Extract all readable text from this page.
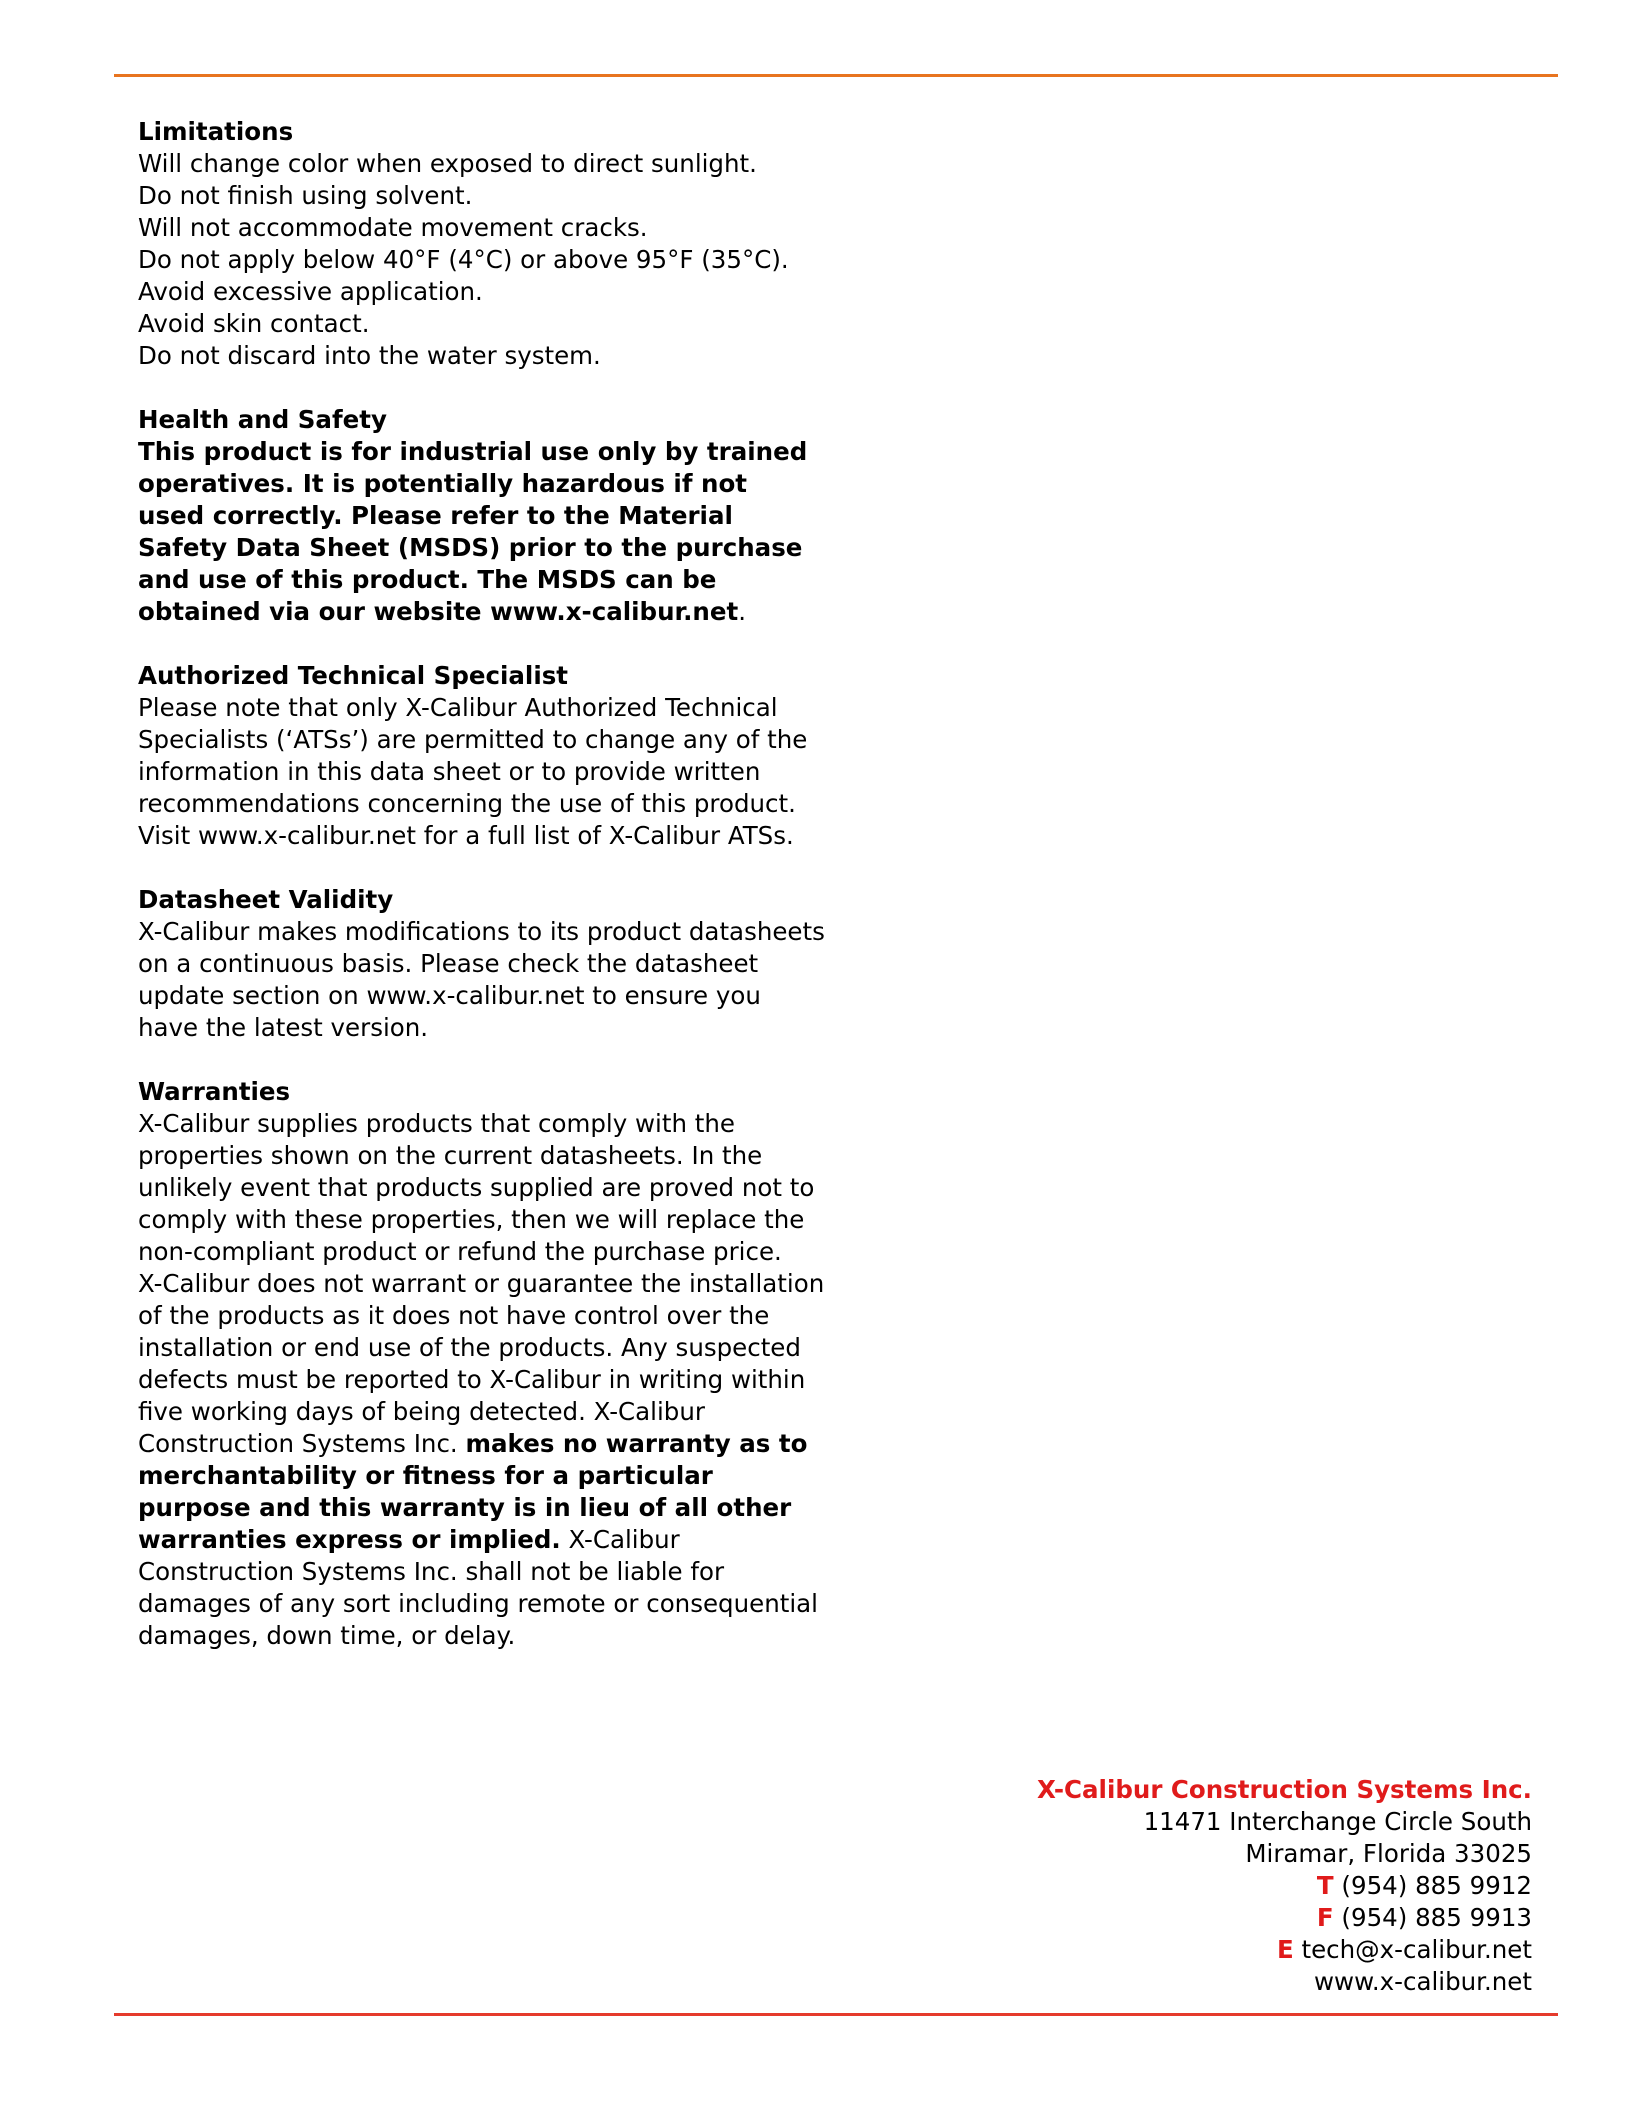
Limitations
Will change color when exposed to direct sunlight.
Do not finish using solvent.
Will not accommodate movement cracks.
Do not apply below 40°F (4°C) or above 95°F (35°C).
Avoid excessive application.
Avoid skin contact.
Do not discard into the water system.
Health and Safety
This product is for industrial use only by trained
operatives. It is potentially hazardous if not
used correctly. Please refer to the Material
Safety Data Sheet (MSDS) prior to the purchase
and use of this product. The MSDS can be
obtained via our website www.x-calibur.net.
Authorized Technical Specialist
Please note that only X-Calibur Authorized Technical
Specialists (‘ATSs’) are permitted to change any of the
information in this data sheet or to provide written
recommendations concerning the use of this product.
Visit www.x-calibur.net for a full list of X-Calibur ATSs.
Datasheet Validity
X-Calibur makes modifications to its product datasheets
on a continuous basis. Please check the datasheet
update section on www.x-calibur.net to ensure you
have the latest version.
Warranties
X-Calibur supplies products that comply with the
properties shown on the current datasheets. In the
unlikely event that products supplied are proved not to
comply with these properties, then we will replace the
non-compliant product or refund the purchase price.
X-Calibur does not warrant or guarantee the installation
of the products as it does not have control over the
installation or end use of the products. Any suspected
defects must be reported to X-Calibur in writing within
five working days of being detected. X-Calibur
Construction Systems Inc. makes no warranty as to
merchantability or fitness for a particular
purpose and this warranty is in lieu of all other
warranties express or implied. X-Calibur
Construction Systems Inc. shall not be liable for
damages of any sort including remote or consequential
damages, down time, or delay.
X-Calibur Construction Systems Inc.
11471 Interchange Circle South
Miramar, Florida 33025
T (954) 885 9912
F (954) 885 9913
E tech@x-calibur.net
www.x-calibur.net
